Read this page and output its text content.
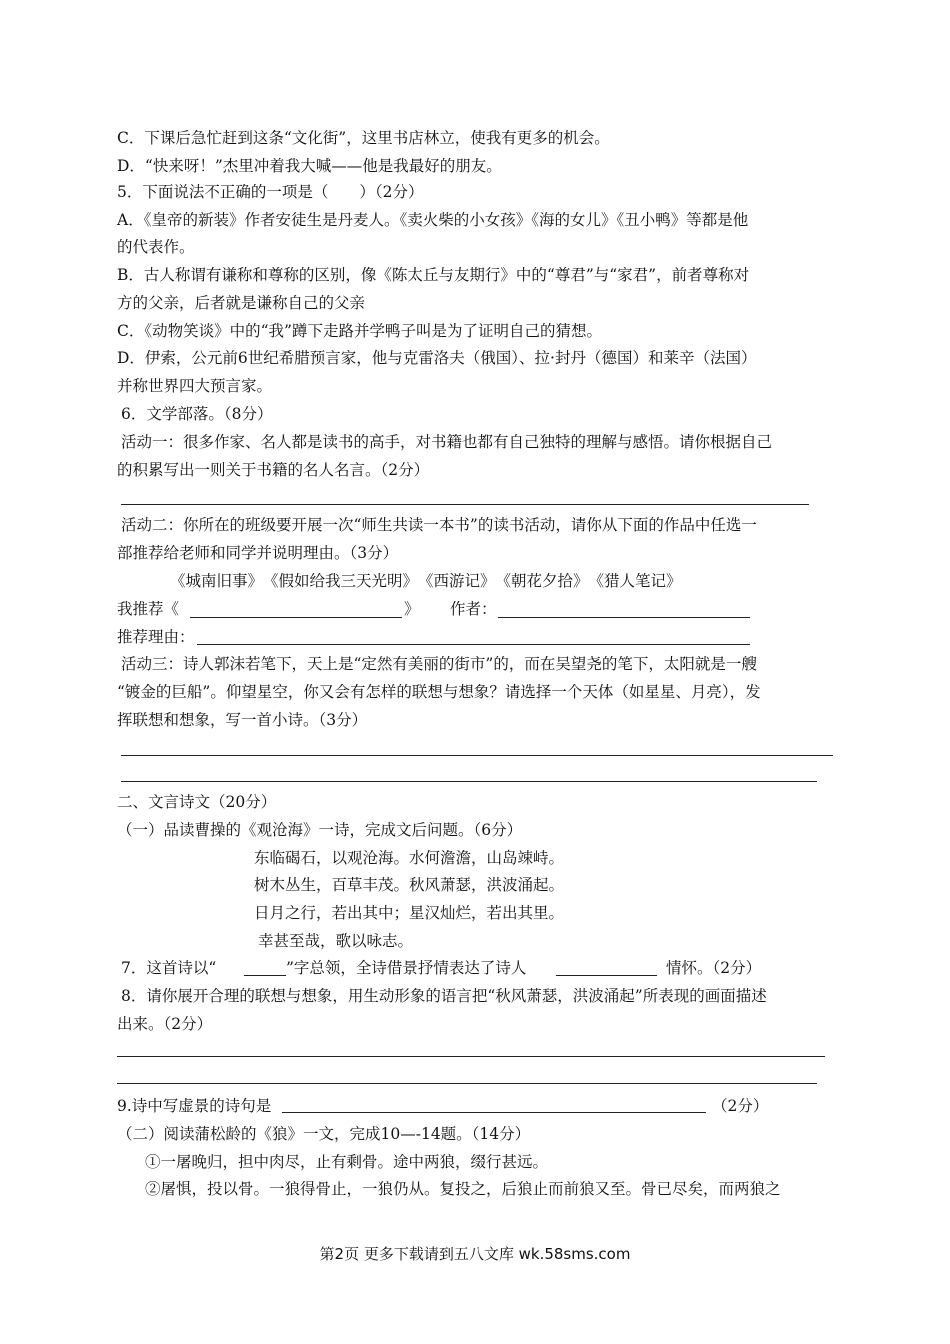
C．下课后急忙赶到这条“文化街”，这里书店林立，使我有更多的机会。
D．“快来呀！”杰里冲着我大喊——他是我最好的朋友。
5．下面说法不正确的一项是（　　）（2分）
A．《皇帝的新装》作者安徒生是丹麦人。《卖火柴的小女孩》《海的女儿》《丑小鸭》等都是他
的代表作。
B．古人称谓有谦称和尊称的区别，像《陈太丘与友期行》中的“尊君”与“家君”，前者尊称对
方的父亲，后者就是谦称自己的父亲
C．《动物笑谈》中的“我”蹲下走路并学鸭子叫是为了证明自己的猜想。
D．伊索，公元前6世纪希腊预言家，他与克雷洛夫（俄国）、拉·封丹（德国）和莱辛（法国）
并称世界四大预言家。
6．文学部落。（8分）
活动一：很多作家、名人都是读书的高手，对书籍也都有自己独特的理解与感悟。请你根据自己
的积累写出一则关于书籍的名人名言。（2分）
活动二：你所在的班级要开展一次“师生共读一本书”的读书活动，请你从下面的作品中任选一
部推荐给老师和同学并说明理由。（3分）
《城南旧事》　《假如给我三天光明》　《西游记》　《朝花夕拾》　《猎人笔记》
我推荐《	》 作者：
推荐理由：
活动三：诗人郭沫若笔下，天上是“定然有美丽的街市”的，而在吴望尧的笔下，太阳就是一艘
“镀金的巨船”。仰望星空，你又会有怎样的联想与想象？请选择一个天体（如星星、月亮），发
挥联想和想象，写一首小诗。（3分）
二、文言诗文（20分）
（一）品读曹操的《观沧海》一诗，完成文后问题。（6分）
东临碣石，以观沧海。水何澹澹，山岛竦峙。
树木丛生，百草丰茂。秋风萧瑟，洪波涌起。
日月之行，若出其中；星汉灿烂，若出其里。
幸甚至哉，歌以咏志。
7．这首诗以“	”字总领，全诗借景抒情表达了诗人	情怀。（2分）
8．请你展开合理的联想与想象，用生动形象的语言把“秋风萧瑟，洪波涌起”所表现的画面描述
出来。（2分）
9.诗中写虚景的诗句是	（2分）
（二）阅读蒲松龄的《狼》一文，完成10—-14题。（14分）
①一屠晚归，担中肉尽，止有剩骨。途中两狼，缀行甚远。
②屠惧，投以骨。一狼得骨止，一狼仍从。复投之，后狼止而前狼又至。骨已尽矣，而两狼之
第2页 更多下载请到五八文库 wk.58sms.com
